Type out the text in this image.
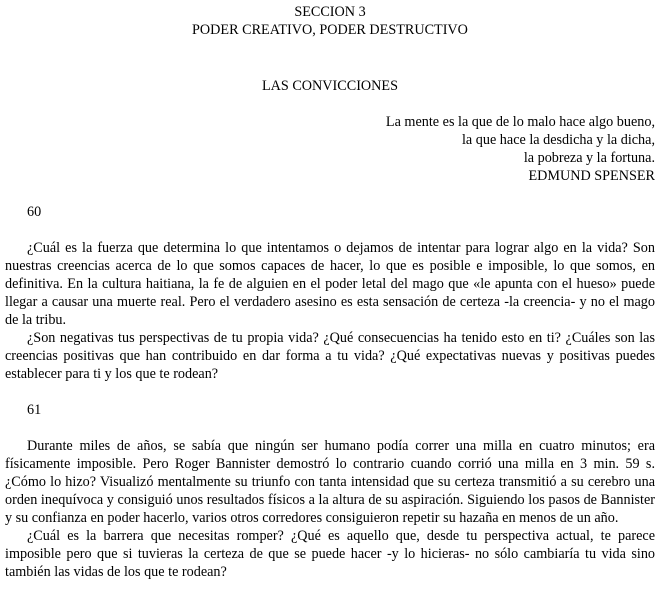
SECCION 3
PODER CREATIVO, PODER DESTRUCTIVO
LAS CONVICCIONES
La mente es la que de lo malo hace algo bueno,
la que hace la desdicha y la dicha,
la pobreza y la fortuna.
EDMUND SPENSER
60

¿Cuál es la fuerza que determina lo que intentamos o dejamos de intentar para lograr algo en la vida? Son nuestras creencias acerca de lo que somos capaces de hacer, lo que es posible e imposible, lo que somos, en definitiva. En la cultura haitiana, la fe de alguien en el poder letal del mago que «le apunta con el hueso» puede llegar a causar una muerte real. Pero el verdadero asesino es esta sensación de certeza -la creencia- y no el mago de la tribu.

¿Son negativas tus perspectivas de tu propia vida? ¿Qué consecuencias ha tenido esto en ti? ¿Cuáles son las creencias positivas que han contribuido en dar forma a tu vida? ¿Qué expectativas nuevas y positivas puedes establecer para ti y los que te rodean?

61

Durante miles de años, se sabía que ningún ser humano podía correr una milla en cuatro minutos; era físicamente imposible. Pero Roger Bannister demostró lo contrario cuando corrió una milla en 3 min. 59 s. ¿Cómo lo hizo? Visualizó mentalmente su triunfo con tanta intensidad que su certeza transmitió a su cerebro una orden inequívoca y consiguió unos resultados físicos a la altura de su aspiración. Siguiendo los pasos de Bannister y su confianza en poder hacerlo, varios otros corredores consiguieron repetir su hazaña en menos de un año.

¿Cuál es la barrera que necesitas romper? ¿Qué es aquello que, desde tu perspectiva actual, te parece imposible pero que si tuvieras la certeza de que se puede hacer -y lo hicieras- no sólo cambiaría tu vida sino también las vidas de los que te rodean?
